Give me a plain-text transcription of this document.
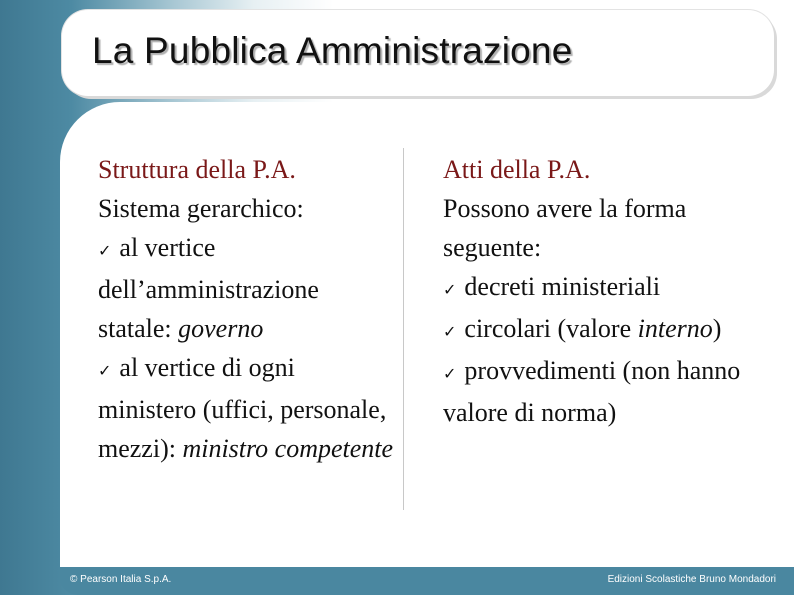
La Pubblica Amministrazione

Struttura della P.A.

Sistema gerarchico:

✓ al vertice dell’amministrazione statale: governo

✓ al vertice di ogni ministero (uffici, personale, mezzi): ministro competente

Atti della P.A.

Possono avere la forma seguente:

✓ decreti ministeriali

✓ circolari (valore interno)

✓ provvedimenti (non hanno valore di norma)

© Pearson Italia S.p.A.	Edizioni Scolastiche Bruno Mondadori
